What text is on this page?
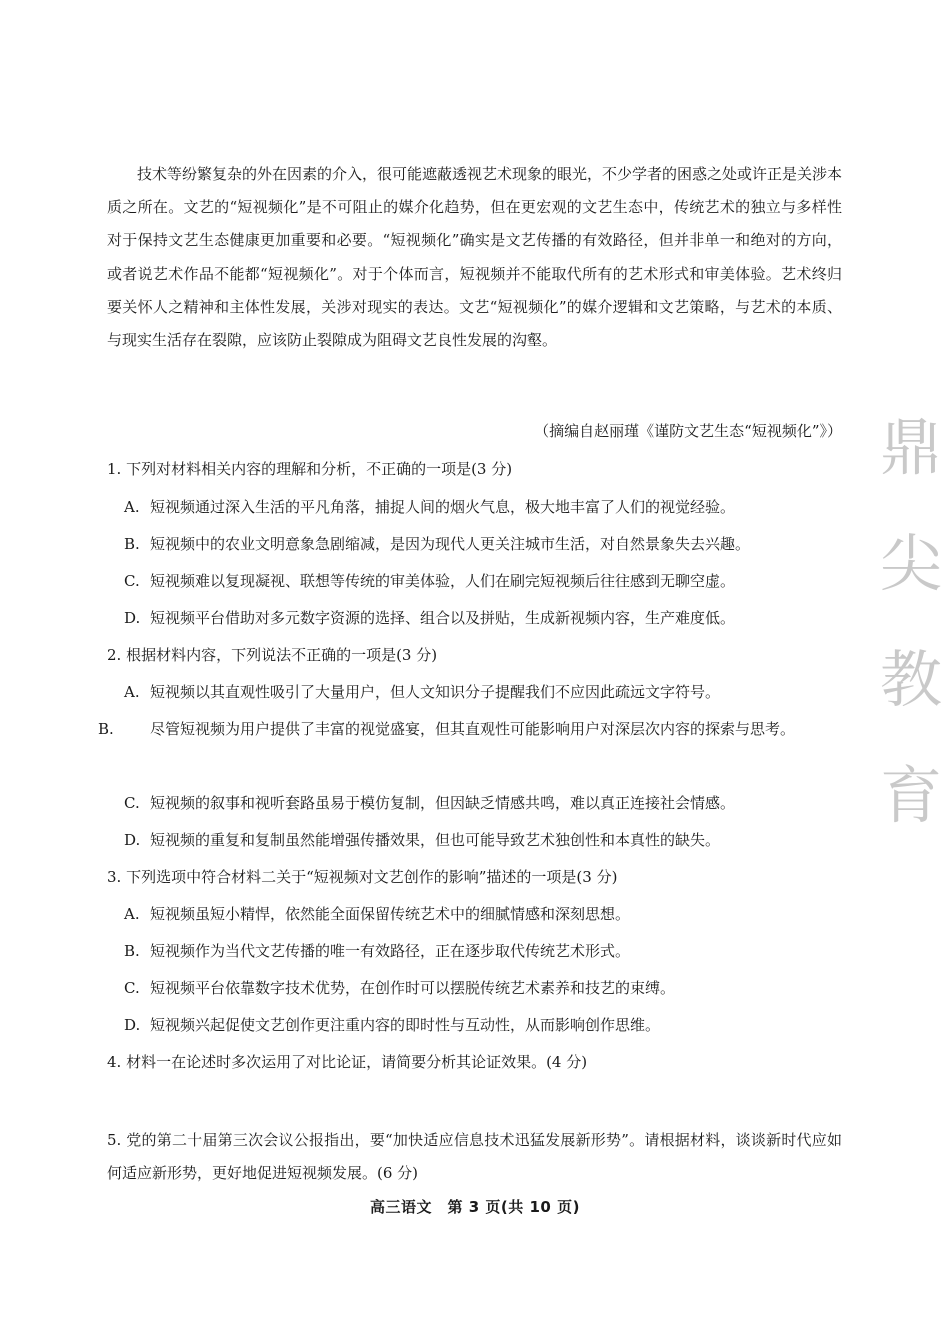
技术等纷繁复杂的外在因素的介入，很可能遮蔽透视艺术现象的眼光，不少学者的困惑之处或许正是关涉本质之所在。文艺的“短视频化”是不可阻止的媒介化趋势，但在更宏观的文艺生态中，传统艺术的独立与多样性对于保持文艺生态健康更加重要和必要。“短视频化”确实是文艺传播的有效路径，但并非单一和绝对的方向，或者说艺术作品不能都“短视频化”。对于个体而言，短视频并不能取代所有的艺术形式和审美体验。艺术终归要关怀人之精神和主体性发展，关涉对现实的表达。文艺“短视频化”的媒介逻辑和文艺策略，与艺术的本质、与现实生活存在裂隙，应该防止裂隙成为阻碍文艺良性发展的沟壑。

（摘编自赵丽瑾《谨防文艺生态“短视频化”》）

1. 下列对材料相关内容的理解和分析，不正确的一项是(3 分)

A. 短视频通过深入生活的平凡角落，捕捉人间的烟火气息，极大地丰富了人们的视觉经验。

B. 短视频中的农业文明意象急剧缩减，是因为现代人更关注城市生活，对自然景象失去兴趣。

C. 短视频难以复现凝视、联想等传统的审美体验，人们在刷完短视频后往往感到无聊空虚。

D. 短视频平台借助对多元数字资源的选择、组合以及拼贴，生成新视频内容，生产难度低。

2. 根据材料内容，下列说法不正确的一项是(3 分)

A. 短视频以其直观性吸引了大量用户，但人文知识分子提醒我们不应因此疏远文字符号。

B. 尽管短视频为用户提供了丰富的视觉盛宴，但其直观性可能影响用户对深层次内容的探索与思考。

C. 短视频的叙事和视听套路虽易于模仿复制，但因缺乏情感共鸣，难以真正连接社会情感。

D. 短视频的重复和复制虽然能增强传播效果，但也可能导致艺术独创性和本真性的缺失。

3. 下列选项中符合材料二关于“短视频对文艺创作的影响”描述的一项是(3 分)

A. 短视频虽短小精悍，依然能全面保留传统艺术中的细腻情感和深刻思想。

B. 短视频作为当代文艺传播的唯一有效路径，正在逐步取代传统艺术形式。

C. 短视频平台依靠数字技术优势，在创作时可以摆脱传统艺术素养和技艺的束缚。

D. 短视频兴起促使文艺创作更注重内容的即时性与互动性，从而影响创作思维。

4. 材料一在论述时多次运用了对比论证，请简要分析其论证效果。(4 分)

5. 党的第二十届第三次会议公报指出，要“加快适应信息技术迅猛发展新形势”。请根据材料，谈谈新时代应如何适应新形势，更好地促进短视频发展。(6 分)

高三语文　第 3 页(共 10 页)

鼎
尖
教
育
